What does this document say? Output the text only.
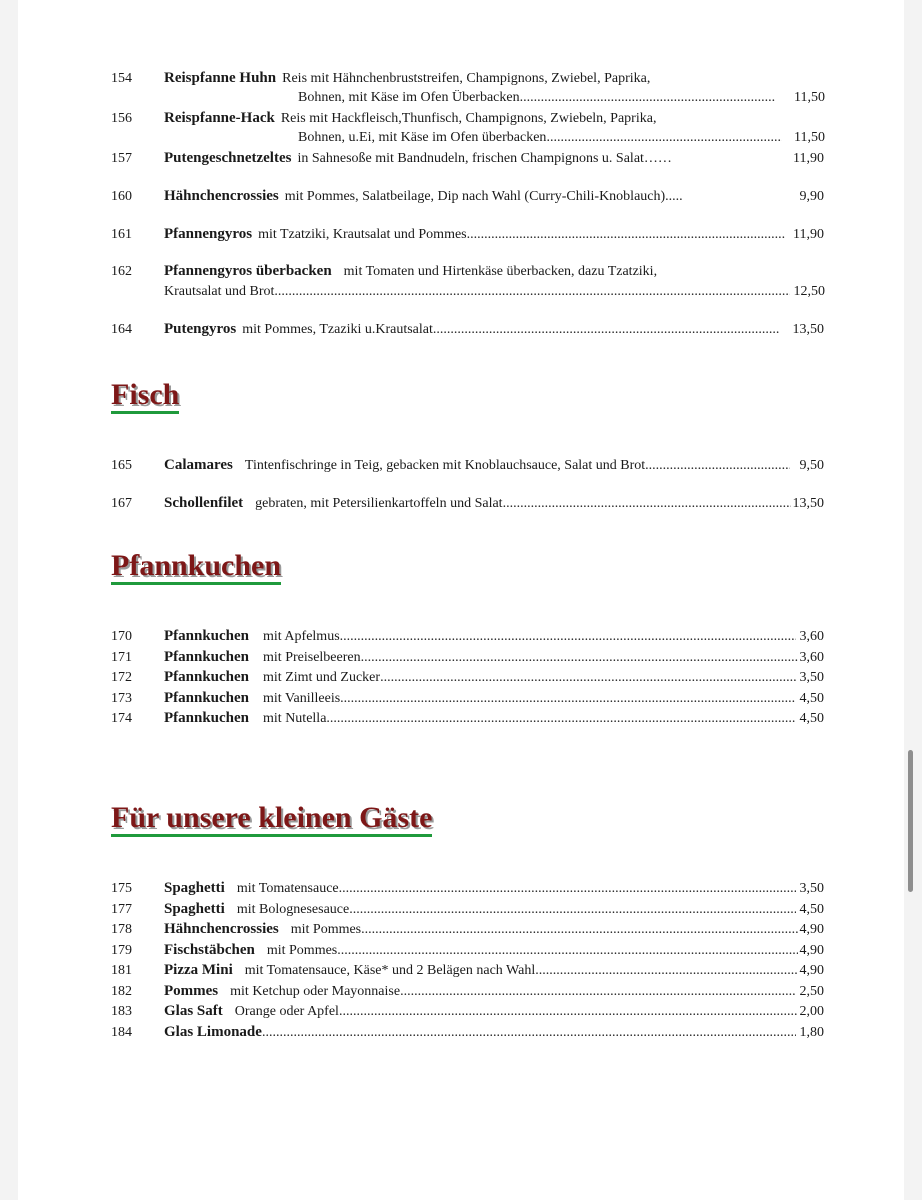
154 Reispfanne Huhn Reis mit Hähnchenbruststreifen, Champignons, Zwiebel, Paprika,
Bohnen, mit Käse im Ofen Überbacken .....	11,50
156 Reispfanne-Hack Reis mit Hackfleisch,Thunfisch, Champignons, Zwiebeln, Paprika,
Bohnen, u.Ei, mit Käse im Ofen überbacken .....	11,50
157 Putengeschnetzeltes in Sahnesoße mit Bandnudeln, frischen Champignons u. Salat……	11,90
160 Hähnchencrossies mit Pommes, Salatbeilage, Dip nach Wahl (Curry-Chili-Knoblauch).....	9,90
161 Pfannengyros mit Tzatziki, Krautsalat und Pommes .....	11,90
162 Pfannengyros überbacken mit Tomaten und Hirtenkäse überbacken, dazu Tzatziki,
Krautsalat und Brot .....	12,50
164 Putengyros mit Pommes, Tzaziki u.Krautsalat .....	13,50
Fisch
165 Calamares Tintenfischringe in Teig, gebacken mit Knoblauchsauce, Salat und Brot .....	9,50
167 Schollenfilet gebraten, mit Petersilienkartoffeln und Salat .....	13,50
Pfannkuchen
170 Pfannkuchen mit Apfelmus .....	3,60
171 Pfannkuchen mit Preiselbeeren .....	3,60
172 Pfannkuchen mit Zimt und Zucker .....	3,50
173 Pfannkuchen mit Vanilleeis .....	4,50
174 Pfannkuchen mit Nutella .....	4,50
Für unsere kleinen Gäste
175 Spaghetti mit Tomatensauce .....	3,50
177 Spaghetti mit Bolognesesauce .....	4,50
178 Hähnchencrossies mit Pommes .....	4,90
179 Fischstäbchen mit Pommes .....	4,90
181 Pizza Mini mit Tomatensauce, Käse* und 2 Belägen nach Wahl .....	4,90
182 Pommes mit Ketchup oder Mayonnaise .....	2,50
183 Glas Saft Orange oder Apfel .....	2,00
184 Glas Limonade .....	1,80
